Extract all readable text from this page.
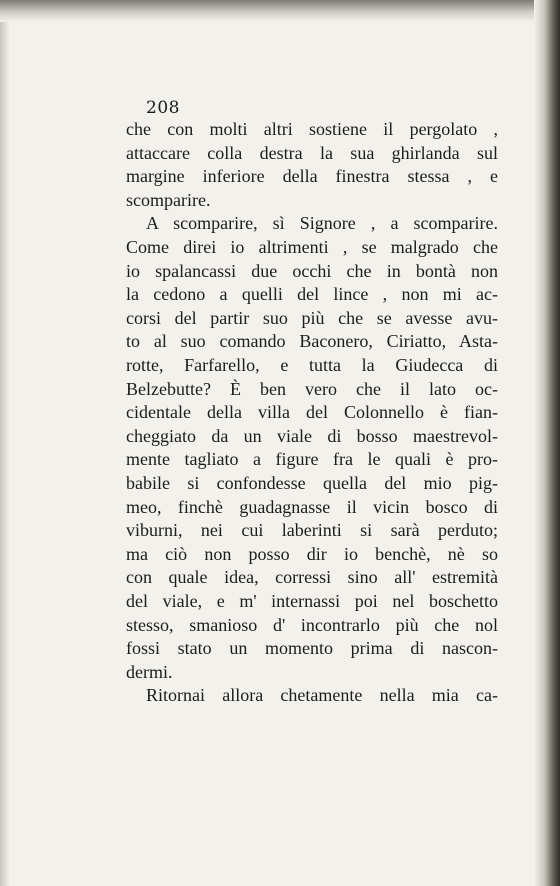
208
che con molti altri sostiene il pergolato ,
attaccare colla destra la sua ghirlanda sul
margine inferiore della finestra stessa , e
scomparire.
A scomparire, sì Signore , a scomparire.
Come direi io altrimenti , se malgrado che
io spalancassi due occhi che in bontà non
la cedono a quelli del lince , non mi ac-
corsi del partir suo più che se avesse avu-
to al suo comando Baconero, Ciriatto, Asta-
rotte, Farfarello, e tutta la Giudecca di
Belzebutte? È ben vero che il lato oc-
cidentale della villa del Colonnello è fian-
cheggiato da un viale di bosso maestrevol-
mente tagliato a figure fra le quali è pro-
babile si confondesse quella del mio pig-
meo, finchè guadagnasse il vicin bosco di
viburni, nei cui laberinti si sarà perduto;
ma ciò non posso dir io benchè, nè so
con quale idea, corressi sino all' estremità
del viale, e m' internassi poi nel boschetto
stesso, smanioso d' incontrarlo più che nol
fossi stato un momento prima di nascon-
dermi.
Ritornai allora chetamente nella mia ca-
